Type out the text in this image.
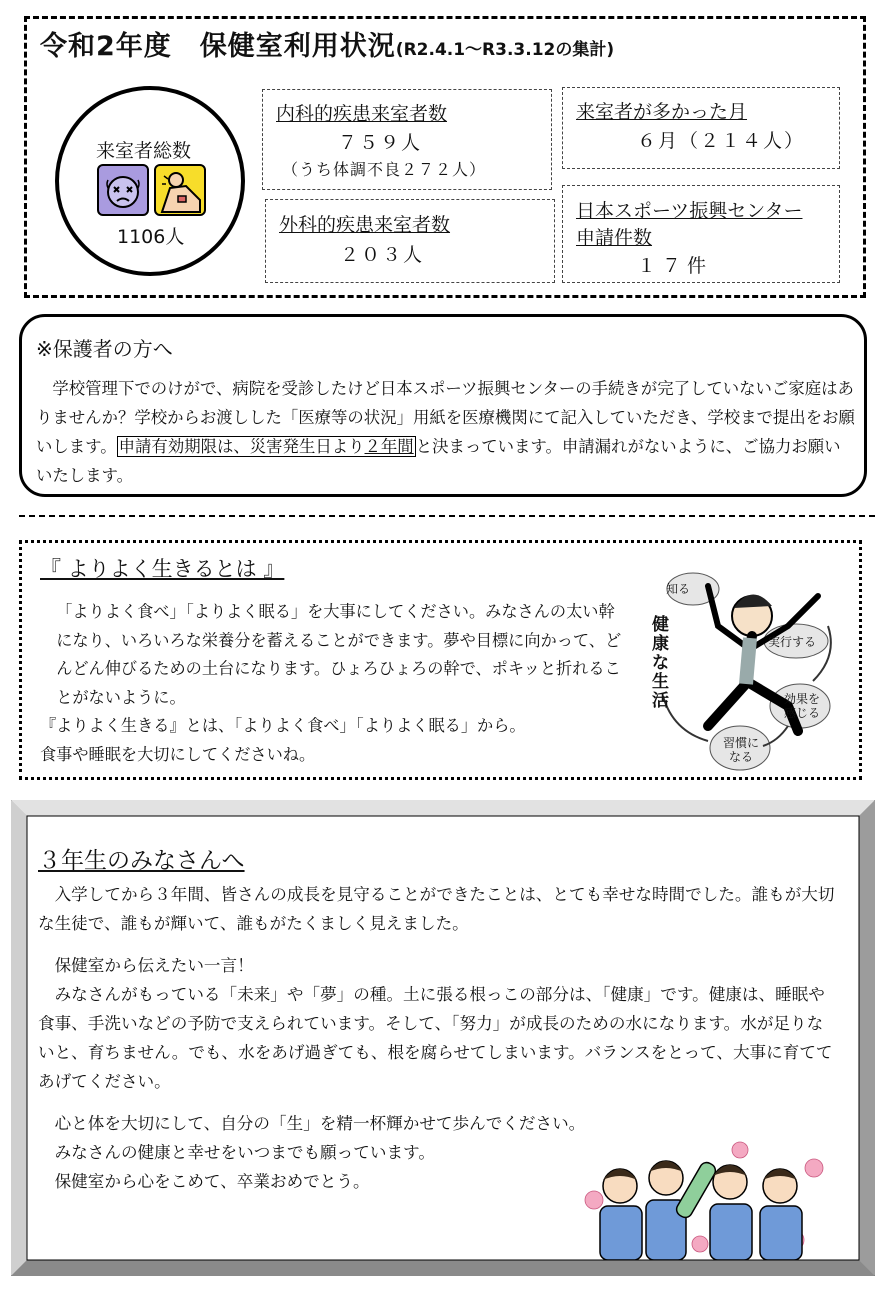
令和2年度　保健室利用状況(R2.4.1～R3.3.12の集計)
来室者総数
1106人
内科的疾患来室者数
７５９人
（うち体調不良２７２人）
外科的疾患来室者数
２０３人
来室者が多かった月
６月（２１４人）
日本スポーツ振興センター
申請件数
１７件
※保護者の方へ
　学校管理下でのけがで、病院を受診したけど日本スポーツ振興センターの手続きが完了していないご家庭はありませんか？学校からお渡しした「医療等の状況」用紙を医療機関にて記入していただき、学校まで提出をお願いします。 申請有効期限は、災害発生日より２年間 と決まっています。申請漏れがないように、ご協力お願いいたします。
『 よりよく生きるとは 』
「よりよく食べ」「よりよく眠る」を大事にしてください。みなさんの太い幹になり、いろいろな栄養分を蓄えることができます。夢や目標に向かって、どんどん伸びるための土台になります。ひょろひょろの幹で、ポキッと折れることがないように。
『よりよく生きる』とは、「よりよく食べ」「よりよく眠る」から。
食事や睡眠を大切にしてくださいね。
知る
実行する
効果を感じる
習慣になる
健康な生活
３年生のみなさんへ

　入学してから３年間、皆さんの成長を見守ることができたことは、とても幸せな時間でした。誰もが大切な生徒で、誰もが輝いて、誰もがたくましく見えました。

　保健室から伝えたい一言！

　みなさんがもっている「未来」や「夢」の種。土に張る根っこの部分は、「健康」です。健康は、睡眠や食事、手洗いなどの予防で支えられています。そして、「努力」が成長のための水になります。水が足りないと、育ちません。でも、水をあげ過ぎても、根を腐らせてしまいます。バランスをとって、大事に育ててあげてください。

　心と体を大切にして、自分の「生」を精一杯輝かせて歩んでください。

　みなさんの健康と幸せをいつまでも願っています。

　保健室から心をこめて、卒業おめでとう。
